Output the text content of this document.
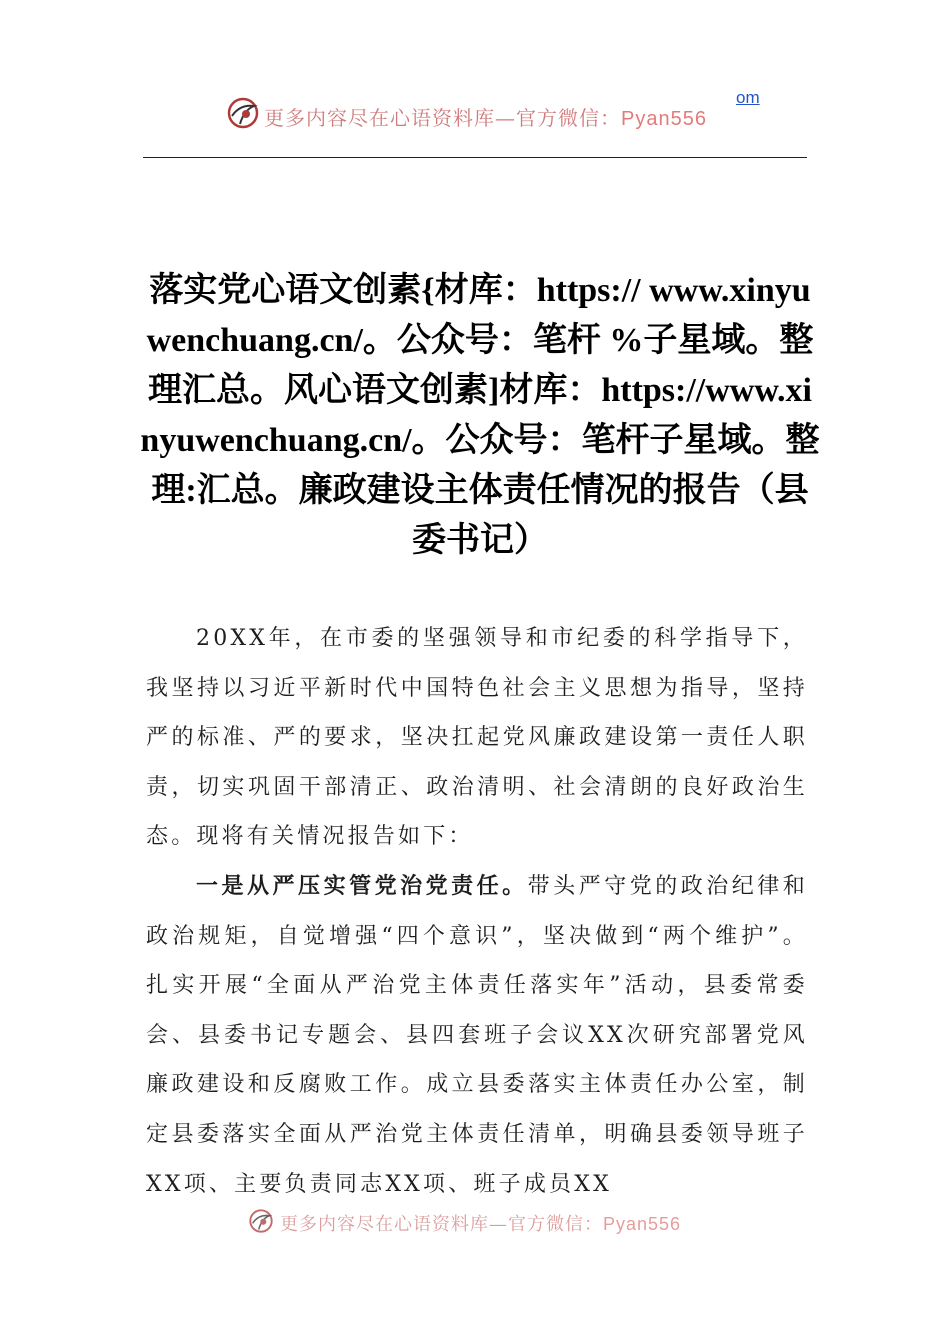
更多内容尽在心语资料库—官方微信：Pyan556
om
落实党心语文创素{材库：https:// www.xinyuwenchuang.cn/。公众号：笔杆 %子星域。整理汇总。风心语文创素]材库：https://www.xinyuwenchuang.cn/。公众号：笔杆子星域。整理:汇总。廉政建设主体责任情况的报告（县委书记）

20XX年，在市委的坚强领导和市纪委的科学指导下，我坚持以习近平新时代中国特色社会主义思想为指导，坚持严的标准、严的要求，坚决扛起党风廉政建设第一责任人职责，切实巩固干部清正、政治清明、社会清朗的良好政治生态。现将有关情况报告如下：

一是从严压实管党治党责任。带头严守党的政治纪律和政治规矩，自觉增强“四个意识”，坚决做到“两个维护”。扎实开展“全面从严治党主体责任落实年”活动，县委常委会、县委书记专题会、县四套班子会议XX次研究部署党风廉政建设和反腐败工作。成立县委落实主体责任办公室，制定县委落实全面从严治党主体责任清单，明确县委领导班子XX项、主要负责同志XX项、班子成员XX

更多内容尽在心语资料库—官方微信：Pyan556
